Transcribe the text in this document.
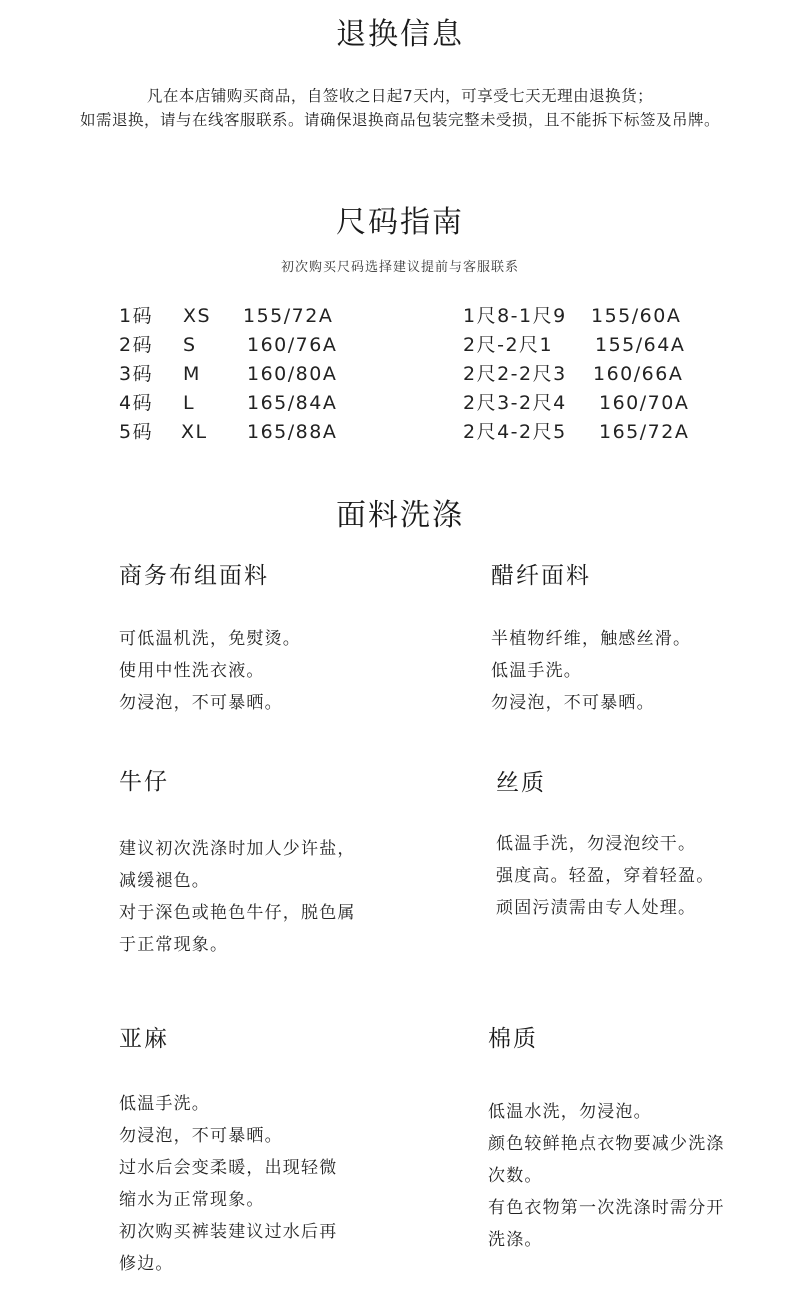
退换信息
凡在本店铺购买商品，自签收之日起7天内，可享受七天无理由退换货；
如需退换，请与在线客服联系。请确保退换商品包装完整未受损，且不能拆下标签及吊牌。
尺码指南
初次购买尺码选择建议提前与客服联系
1码 XS 155/72A
2码 S	160/76A
3码 M 160/80A
4码 L	165/84A
5码 XL 165/88A
1尺8-1尺9 155/60A
2尺-2尺1 155/64A
2尺2-2尺3 160/66A
2尺3-2尺4 160/70A
2尺4-2尺5 165/72A
面料洗涤
商务布组面料
可低温机洗，免熨烫。
使用中性洗衣液。
勿浸泡，不可暴晒。
醋纤面料
半植物纤维，触感丝滑。
低温手洗。
勿浸泡，不可暴晒。
牛仔
建议初次洗涤时加人少许盐，
减缓褪色。
对于深色或艳色牛仔，脱色属
于正常现象。
丝质
低温手洗，勿浸泡绞干。
强度高。轻盈，穿着轻盈。
顽固污渍需由专人处理。
亚麻
低温手洗。
勿浸泡，不可暴晒。
过水后会变柔暖，出现轻微
缩水为正常现象。
初次购买裤装建议过水后再
修边。
棉质
低温水洗，勿浸泡。
颜色较鲜艳点衣物要减少洗涤
次数。
有色衣物第一次洗涤时需分开
洗涤。
